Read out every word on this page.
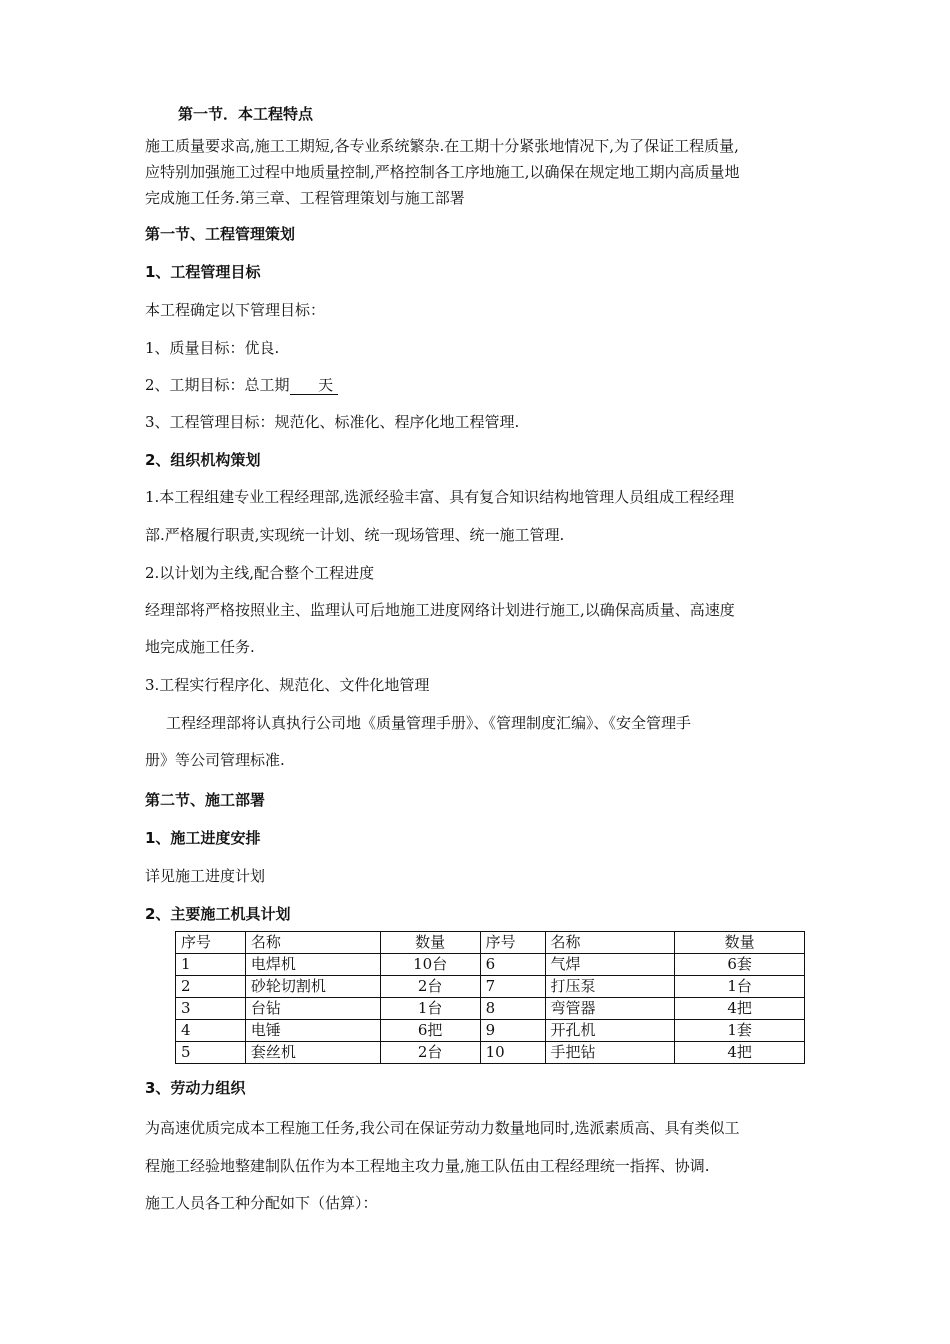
第一节．本工程特点
施工质量要求高,施工工期短,各专业系统繁杂.在工期十分紧张地情况下,为了保证工程质量,
应特别加强施工过程中地质量控制,严格控制各工序地施工,以确保在规定地工期内高质量地
完成施工任务.第三章、工程管理策划与施工部署
第一节、工程管理策划
1、工程管理目标
本工程确定以下管理目标：
1、质量目标：优良.
2、工期目标：总工期      天
3、工程管理目标：规范化、标准化、程序化地工程管理.
2、组织机构策划
1.本工程组建专业工程经理部,选派经验丰富、具有复合知识结构地管理人员组成工程经理
部.严格履行职责,实现统一计划、统一现场管理、统一施工管理.
2.以计划为主线,配合整个工程进度
经理部将严格按照业主、监理认可后地施工进度网络计划进行施工,以确保高质量、高速度
地完成施工任务.
3.工程实行程序化、规范化、文件化地管理
工程经理部将认真执行公司地《质量管理手册》、《管理制度汇编》、《安全管理手
册》等公司管理标准.
第二节、施工部署
1、施工进度安排
详见施工进度计划
2、主要施工机具计划
序号	名称	数量	序号	名称	数量
1	电焊机	10台	6	气焊	6套
2	砂轮切割机	2台	7	打压泵	1台
3	台钻	1台	8	弯管器	4把
4	电锤	6把	9	开孔机	1套
5	套丝机	2台	10	手把钻	4把
3、劳动力组织
为高速优质完成本工程施工任务,我公司在保证劳动力数量地同时,选派素质高、具有类似工
程施工经验地整建制队伍作为本工程地主攻力量,施工队伍由工程经理统一指挥、协调.
施工人员各工种分配如下（估算）：
